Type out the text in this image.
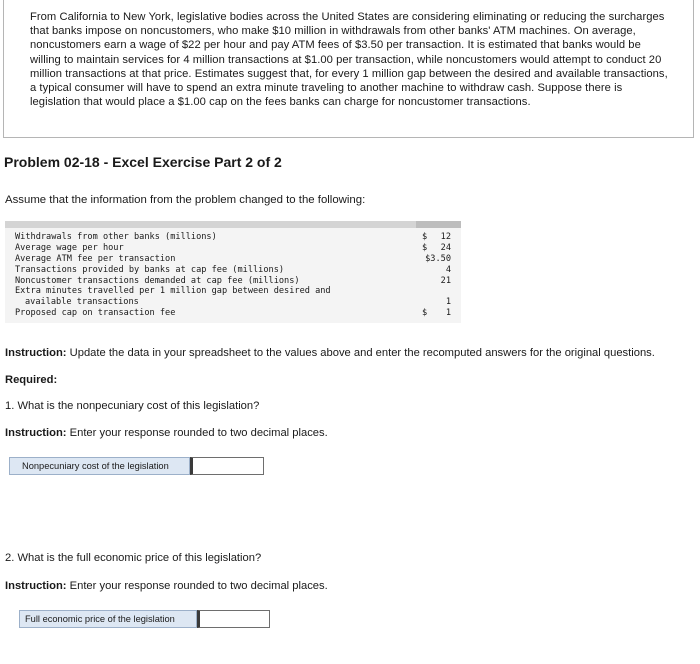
From California to New York, legislative bodies across the United States are considering eliminating or reducing the surcharges that banks impose on noncustomers, who make $10 million in withdrawals from other banks' ATM machines. On average, noncustomers earn a wage of $22 per hour and pay ATM fees of $3.50 per transaction. It is estimated that banks would be willing to maintain services for 4 million transactions at $1.00 per transaction, while noncustomers would attempt to conduct 20 million transactions at that price. Estimates suggest that, for every 1 million gap between the desired and available transactions, a typical consumer will have to spend an extra minute traveling to another machine to withdraw cash. Suppose there is legislation that would place a $1.00 cap on the fees banks can charge for noncustomer transactions.

Problem 02-18 - Excel Exercise Part 2 of 2

Assume that the information from the problem changed to the following:

Withdrawals from other banks (millions)	$ 12
Average wage per hour	$ 24
Average ATM fee per transaction	$3.50
Transactions provided by banks at cap fee (millions)	4
Noncustomer transactions demanded at cap fee (millions)	21
Extra minutes travelled per 1 million gap between desired and
available transactions	1
Proposed cap on transaction fee	$ 1

Instruction: Update the data in your spreadsheet to the values above and enter the recomputed answers for the original questions.

Required:

1. What is the nonpecuniary cost of this legislation?

Instruction: Enter your response rounded to two decimal places.

Nonpecuniary cost of the legislation

2. What is the full economic price of this legislation?

Instruction: Enter your response rounded to two decimal places.

Full economic price of the legislation
